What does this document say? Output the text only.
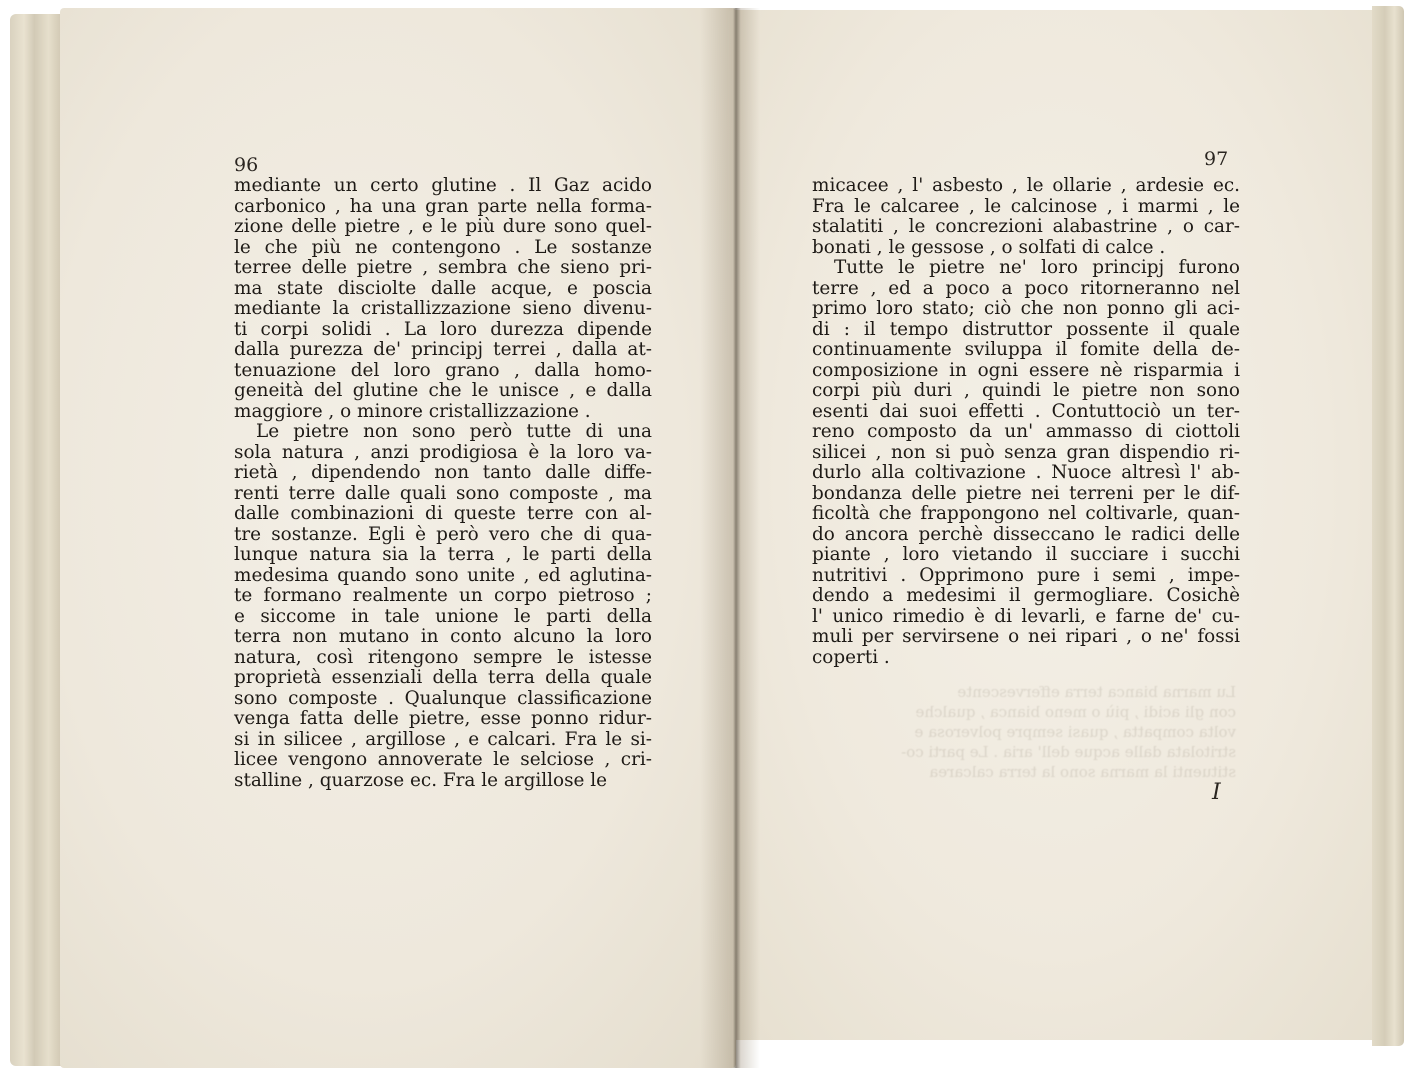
96	97
mediante un certo glutine . Il Gaz acido
carbonico , ha una gran parte nella forma-
zione delle pietre , e le più dure sono quel-
le che più ne contengono . Le sostanze
terree delle pietre , sembra che sieno pri-
ma state disciolte dalle acque, e poscia
mediante la cristallizzazione sieno divenu-
ti corpi solidi . La loro durezza dipende
dalla purezza de' principj terrei , dalla at-
tenuazione del loro grano , dalla homo-
geneità del glutine che le unisce , e dalla
maggiore , o minore cristallizzazione .
Le pietre non sono però tutte di una
sola natura , anzi prodigiosa è la loro va-
rietà , dipendendo non tanto dalle diffe-
renti terre dalle quali sono composte , ma
dalle combinazioni di queste terre con al-
tre sostanze. Egli è però vero che di qua-
lunque natura sia la terra , le parti della
medesima quando sono unite , ed aglutina-
te formano realmente un corpo pietroso ;
e siccome in tale unione le parti della
terra non mutano in conto alcuno la loro
natura, così ritengono sempre le istesse
proprietà essenziali della terra della quale
sono composte . Qualunque classificazione
venga fatta delle pietre, esse ponno ridur-
si in silicee , argillose , e calcari. Fra le si-
licee vengono annoverate le selciose , cri-
stalline , quarzose ec. Fra le argillose le
micacee , l' asbesto , le ollarie , ardesie ec.
Fra le calcaree , le calcinose , i marmi , le
stalatiti , le concrezioni alabastrine , o car-
bonati , le gessose , o solfati di calce .
Tutte le pietre ne' loro principj furono
terre , ed a poco a poco ritorneranno nel
primo loro stato; ciò che non ponno gli aci-
di : il tempo distruttor possente il quale
continuamente sviluppa il fomite della de-
composizione in ogni essere nè risparmia i
corpi più duri , quindi le pietre non sono
esenti dai suoi effetti . Contuttociò un ter-
reno composto da un' ammasso di ciottoli
silicei , non si può senza gran dispendio ri-
durlo alla coltivazione . Nuoce altresì l' ab-
bondanza delle pietre nei terreni per le dif-
ficoltà che frappongono nel coltivarle, quan-
do ancora perchè disseccano le radici delle
piante , loro vietando il succiare i succhi
nutritivi . Opprimono pure i semi , impe-
dendo a medesimi il germogliare. Cosichè
l' unico rimedio è di levarli, e farne de' cu-
muli per servirsene o nei ripari , o ne' fossi
coperti .
Lu marna bianca terra effervescente
con gli acidi , più o meno bianca , qualche
volta compatta , quasi sempre polverosa e
stritolata dalle acque dell' aria . Le parti co-
stituenti la marna sono la terra calcarea
I
